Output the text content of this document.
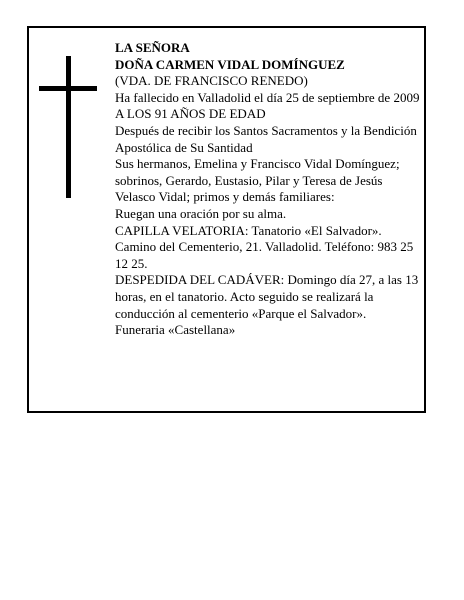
LA SEÑORA

DOÑA CARMEN VIDAL DOMÍNGUEZ

(VDA. DE FRANCISCO RENEDO)

Ha fallecido en Valladolid el día 25 de septiembre de 2009

A LOS 91 AÑOS DE EDAD

Después de recibir los Santos Sacramentos y la Bendición Apostólica de Su Santidad

Sus hermanos, Emelina y Francisco Vidal Domínguez; sobrinos, Gerardo, Eustasio, Pilar y Teresa de Jesús Velasco Vidal; primos y demás familiares:

Ruegan una oración por su alma.

CAPILLA VELATORIA: Tanatorio «El Salvador». Camino del Cementerio, 21. Valladolid. Teléfono: 983 25 12 25.

DESPEDIDA DEL CADÁVER: Domingo día 27, a las 13 horas, en el tanatorio. Acto seguido se realizará la conducción al cementerio «Parque el Salvador».

Funeraria «Castellana»
